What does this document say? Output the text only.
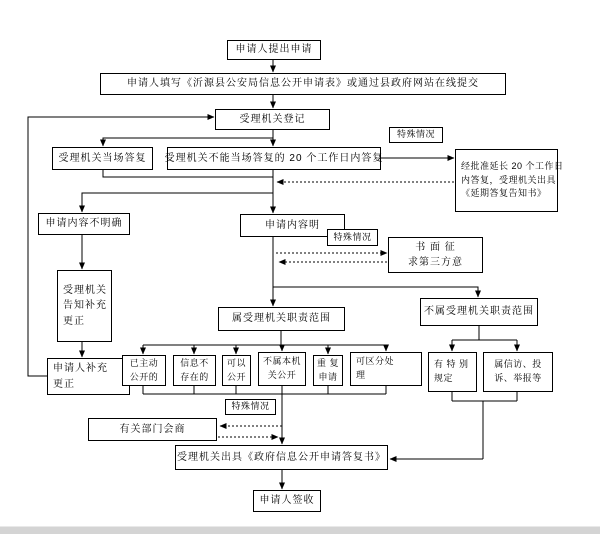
申请人提出申请
申请人填写《沂源县公安局信息公开申请表》或通过县政府网站在线提交
受理机关登记
受理机关当场答复 受理机关不能当场答复的 20 个工作日内答复
特殊情况
经批准延长 20 个工作日
内答复，受理机关出具
《延期答复告知书》
申请内容不明确	申请内容明
特殊情况
书 面 征
求第三方意
受理机关
告知补充
更正
申请人补充
更正
属受理机关职责范围
不属受理机关职责范围
已主动
公开的
信息不
存在的
可以
公开
不属本机
关公开
重 复
申请
可区分处
理
有 特 别
规定
属信访、投
诉、举报等
特殊情况
有关部门会商
受理机关出具《政府信息公开申请答复书》
申请人签收
